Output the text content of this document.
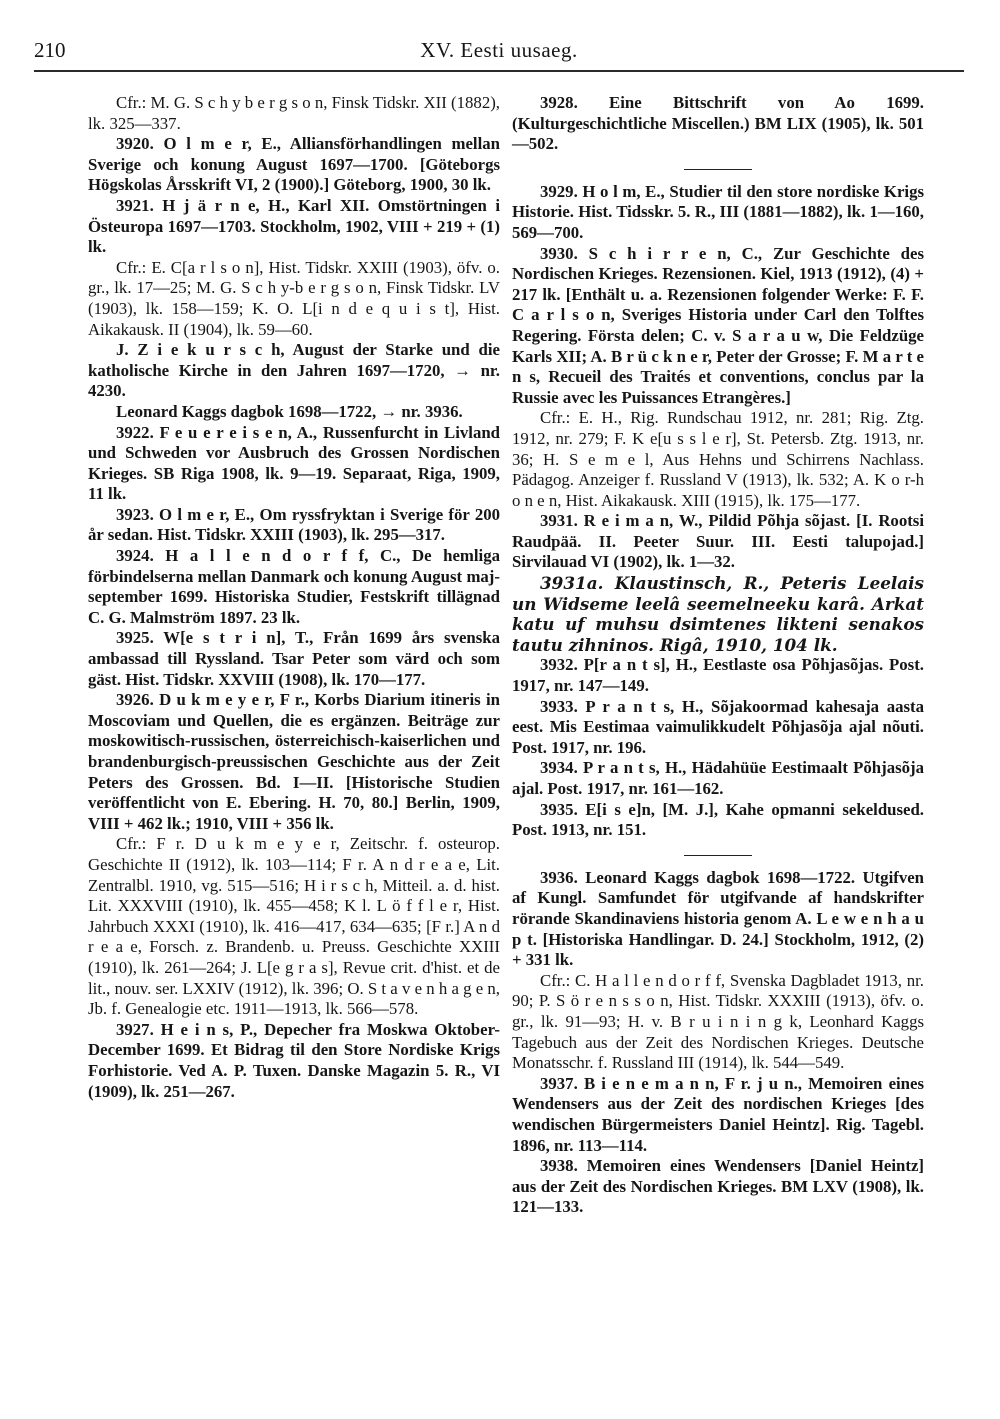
210	XV. Eesti uusaeg.

Cfr.: M. G. S c h y b e r g s o n, Finsk Tidskr. XII (1882), lk. 325—337.

3920. O l m e r, E., Alliansförhandlingen mellan Sverige och konung August 1697—1700. [Göteborgs Högskolas Årsskrift VI, 2 (1900).] Göteborg, 1900, 30 lk.

3921. H j ä r n e, H., Karl XII. Omstörtningen i Östeuropa 1697—1703. Stockholm, 1902, VIII + 219 + (1) lk.

Cfr.: E. C[a r l s o n], Hist. Tidskr. XXIII (1903), öfv. o. gr., lk. 17—25; M. G. S c h y-b e r g s o n, Finsk Tidskr. LV (1903), lk. 158—159; K. O. L[i n d e q u i s t], Hist. Aikakausk. II (1904), lk. 59—60.

J. Z i e k u r s c h, August der Starke und die katholische Kirche in den Jahren 1697—1720, → nr. 4230.

Leonard Kaggs dagbok 1698—1722, → nr. 3936.

3922. F e u e r e i s e n, A., Russenfurcht in Livland und Schweden vor Ausbruch des Grossen Nordischen Krieges. SB Riga 1908, lk. 9—19. Separaat, Riga, 1909, 11 lk.

3923. O l m e r, E., Om ryssfryktan i Sverige för 200 år sedan. Hist. Tidskr. XXIII (1903), lk. 295—317.

3924. H a l l e n d o r f f, C., De hemliga förbindelserna mellan Danmark och konung August maj-september 1699. Historiska Studier, Festskrift tillägnad C. G. Malmström 1897. 23 lk.

3925. W[e s t r i n], T., Från 1699 års svenska ambassad till Ryssland. Tsar Peter som värd och som gäst. Hist. Tidskr. XXVIII (1908), lk. 170—177.

3926. D u k m e y e r, F r., Korbs Diarium itineris in Moscoviam und Quellen, die es ergänzen. Beiträge zur moskowitisch-russischen, österreichisch-kaiserlichen und brandenburgisch-preussischen Geschichte aus der Zeit Peters des Grossen. Bd. I—II. [Historische Studien veröffentlicht von E. Ebering. H. 70, 80.] Berlin, 1909, VIII + 462 lk.; 1910, VIII + 356 lk.

Cfr.: F r. D u k m e y e r, Zeitschr. f. osteurop. Geschichte II (1912), lk. 103—114; F r. A n d r e a e, Lit. Zentralbl. 1910, vg. 515—516; H i r s c h, Mitteil. a. d. hist. Lit. XXXVIII (1910), lk. 455—458; K l. L ö f f l e r, Hist. Jahrbuch XXXI (1910), lk. 416—417, 634—635; [F r.] A n d r e a e, Forsch. z. Brandenb. u. Preuss. Geschichte XXIII (1910), lk. 261—264; J. L[e g r a s], Revue crit. d'hist. et de lit., nouv. ser. LXXIV (1912), lk. 396; O. S t a v e n h a g e n, Jb. f. Genealogie etc. 1911—1913, lk. 566—578.

3927. H e i n s, P., Depecher fra Moskwa Oktober-December 1699. Et Bidrag til den Store Nordiske Krigs Forhistorie. Ved A. P. Tuxen. Danske Magazin 5. R., VI (1909), lk. 251—267.

3928. Eine Bittschrift von Ao 1699. (Kulturgeschichtliche Miscellen.) BM LIX (1905), lk. 501—502.

3929. H o l m, E., Studier til den store nordiske Krigs Historie. Hist. Tidsskr. 5. R., III (1881—1882), lk. 1—160, 569—700.

3930. S c h i r r e n, C., Zur Geschichte des Nordischen Krieges. Rezensionen. Kiel, 1913 (1912), (4) + 217 lk. [Enthält u. a. Rezensionen folgender Werke: F. F. C a r l s o n, Sveriges Historia under Carl den Tolftes Regering. Första delen; C. v. S a r a u w, Die Feldzüge Karls XII; A. B r ü c k n e r, Peter der Grosse; F. M a r t e n s, Recueil des Traités et conventions, conclus par la Russie avec les Puissances Etrangères.]

Cfr.: E. H., Rig. Rundschau 1912, nr. 281; Rig. Ztg. 1912, nr. 279; F. K e[u s s l e r], St. Petersb. Ztg. 1913, nr. 36; H. S e m e l, Aus Hehns und Schirrens Nachlass. Pädagog. Anzeiger f. Russland V (1913), lk. 532; A. K o r-h o n e n, Hist. Aikakausk. XIII (1915), lk. 175—177.

3931. R e i m a n, W., Pildid Põhja sõjast. [I. Rootsi Raudpää. II. Peeter Suur. III. Eesti talupojad.] Sirvilauad VI (1902), lk. 1—32.

3931a. Klaustinsch, R., Peteris Leelais un Widseme leelâ seemelneeku karâ. Arkat katu uf muhsu dsimtenes likteni senakos tautu zihninos. Rigâ, 1910, 104 lk.

3932. P[r a n t s], H., Eestlaste osa Põhjasõjas. Post. 1917, nr. 147—149.

3933. P r a n t s, H., Sõjakoormad kahesaja aasta eest. Mis Eestimaa vaimulikkudelt Põhjasõja ajal nõuti. Post. 1917, nr. 196.

3934. P r a n t s, H., Hädahüüe Eestimaalt Põhjasõja ajal. Post. 1917, nr. 161—162.

3935. E[i s e]n, [M. J.], Kahe opmanni sekeldused. Post. 1913, nr. 151.

3936. Leonard Kaggs dagbok 1698—1722. Utgifven af Kungl. Samfundet för utgifvande af handskrifter rörande Skandinaviens historia genom A. L e w e n h a u p t. [Historiska Handlingar. D. 24.] Stockholm, 1912, (2) + 331 lk.

Cfr.: C. H a l l e n d o r f f, Svenska Dagbladet 1913, nr. 90; P. S ö r e n s s o n, Hist. Tidskr. XXXIII (1913), öfv. o. gr., lk. 91—93; H. v. B r u i n i n g k, Leonhard Kaggs Tagebuch aus der Zeit des Nordischen Krieges. Deutsche Monatsschr. f. Russland III (1914), lk. 544—549.

3937. B i e n e m a n n, F r. j u n., Memoiren eines Wendensers aus der Zeit des nordischen Krieges [des wendischen Bürgermeisters Daniel Heintz]. Rig. Tagebl. 1896, nr. 113—114.

3938. Memoiren eines Wendensers [Daniel Heintz] aus der Zeit des Nordischen Krieges. BM LXV (1908), lk. 121—133.
